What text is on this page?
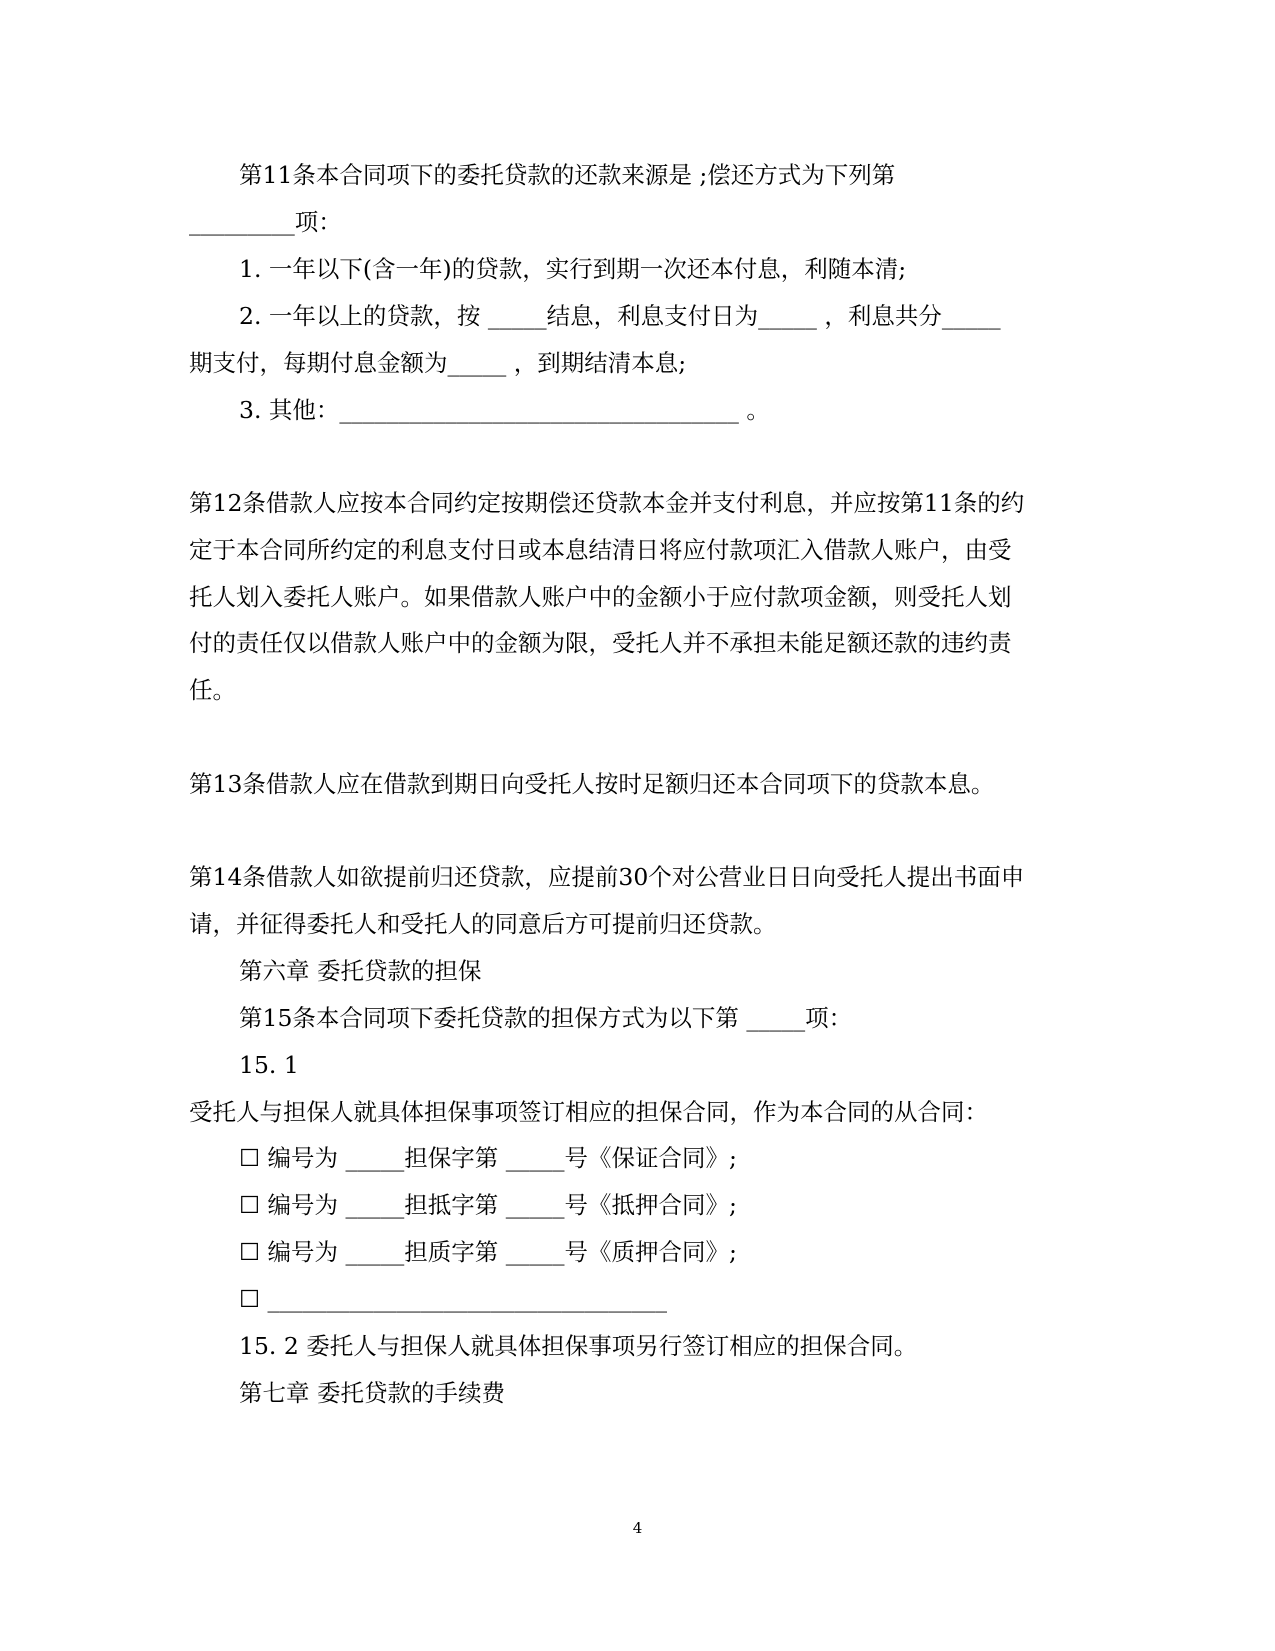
第11条本合同项下的委托贷款的还款来源是 ;偿还方式为下列第
_________项：
1. 一年以下(含一年)的贷款，实行到期一次还本付息，利随本清;
2. 一年以上的贷款，按 _____结息，利息支付日为_____ ，利息共分_____
期支付，每期付息金额为_____ ，到期结清本息;
3. 其他：__________________________________ 。
第12条借款人应按本合同约定按期偿还贷款本金并支付利息，并应按第11条的约
定于本合同所约定的利息支付日或本息结清日将应付款项汇入借款人账户，由受
托人划入委托人账户。如果借款人账户中的金额小于应付款项金额，则受托人划
付的责任仅以借款人账户中的金额为限，受托人并不承担未能足额还款的违约责
任。
第13条借款人应在借款到期日向受托人按时足额归还本合同项下的贷款本息。
第14条借款人如欲提前归还贷款，应提前30个对公营业日日向受托人提出书面申
请，并征得委托人和受托人的同意后方可提前归还贷款。
第六章 委托贷款的担保
第15条本合同项下委托贷款的担保方式为以下第 _____项：
15. 1
受托人与担保人就具体担保事项签订相应的担保合同，作为本合同的从合同：
☐ 编号为 _____担保字第 _____号《保证合同》;
☐ 编号为 _____担抵字第 _____号《抵押合同》;
☐ 编号为 _____担质字第 _____号《质押合同》;
☐ __________________________________
15. 2 委托人与担保人就具体担保事项另行签订相应的担保合同。
第七章 委托贷款的手续费
4
